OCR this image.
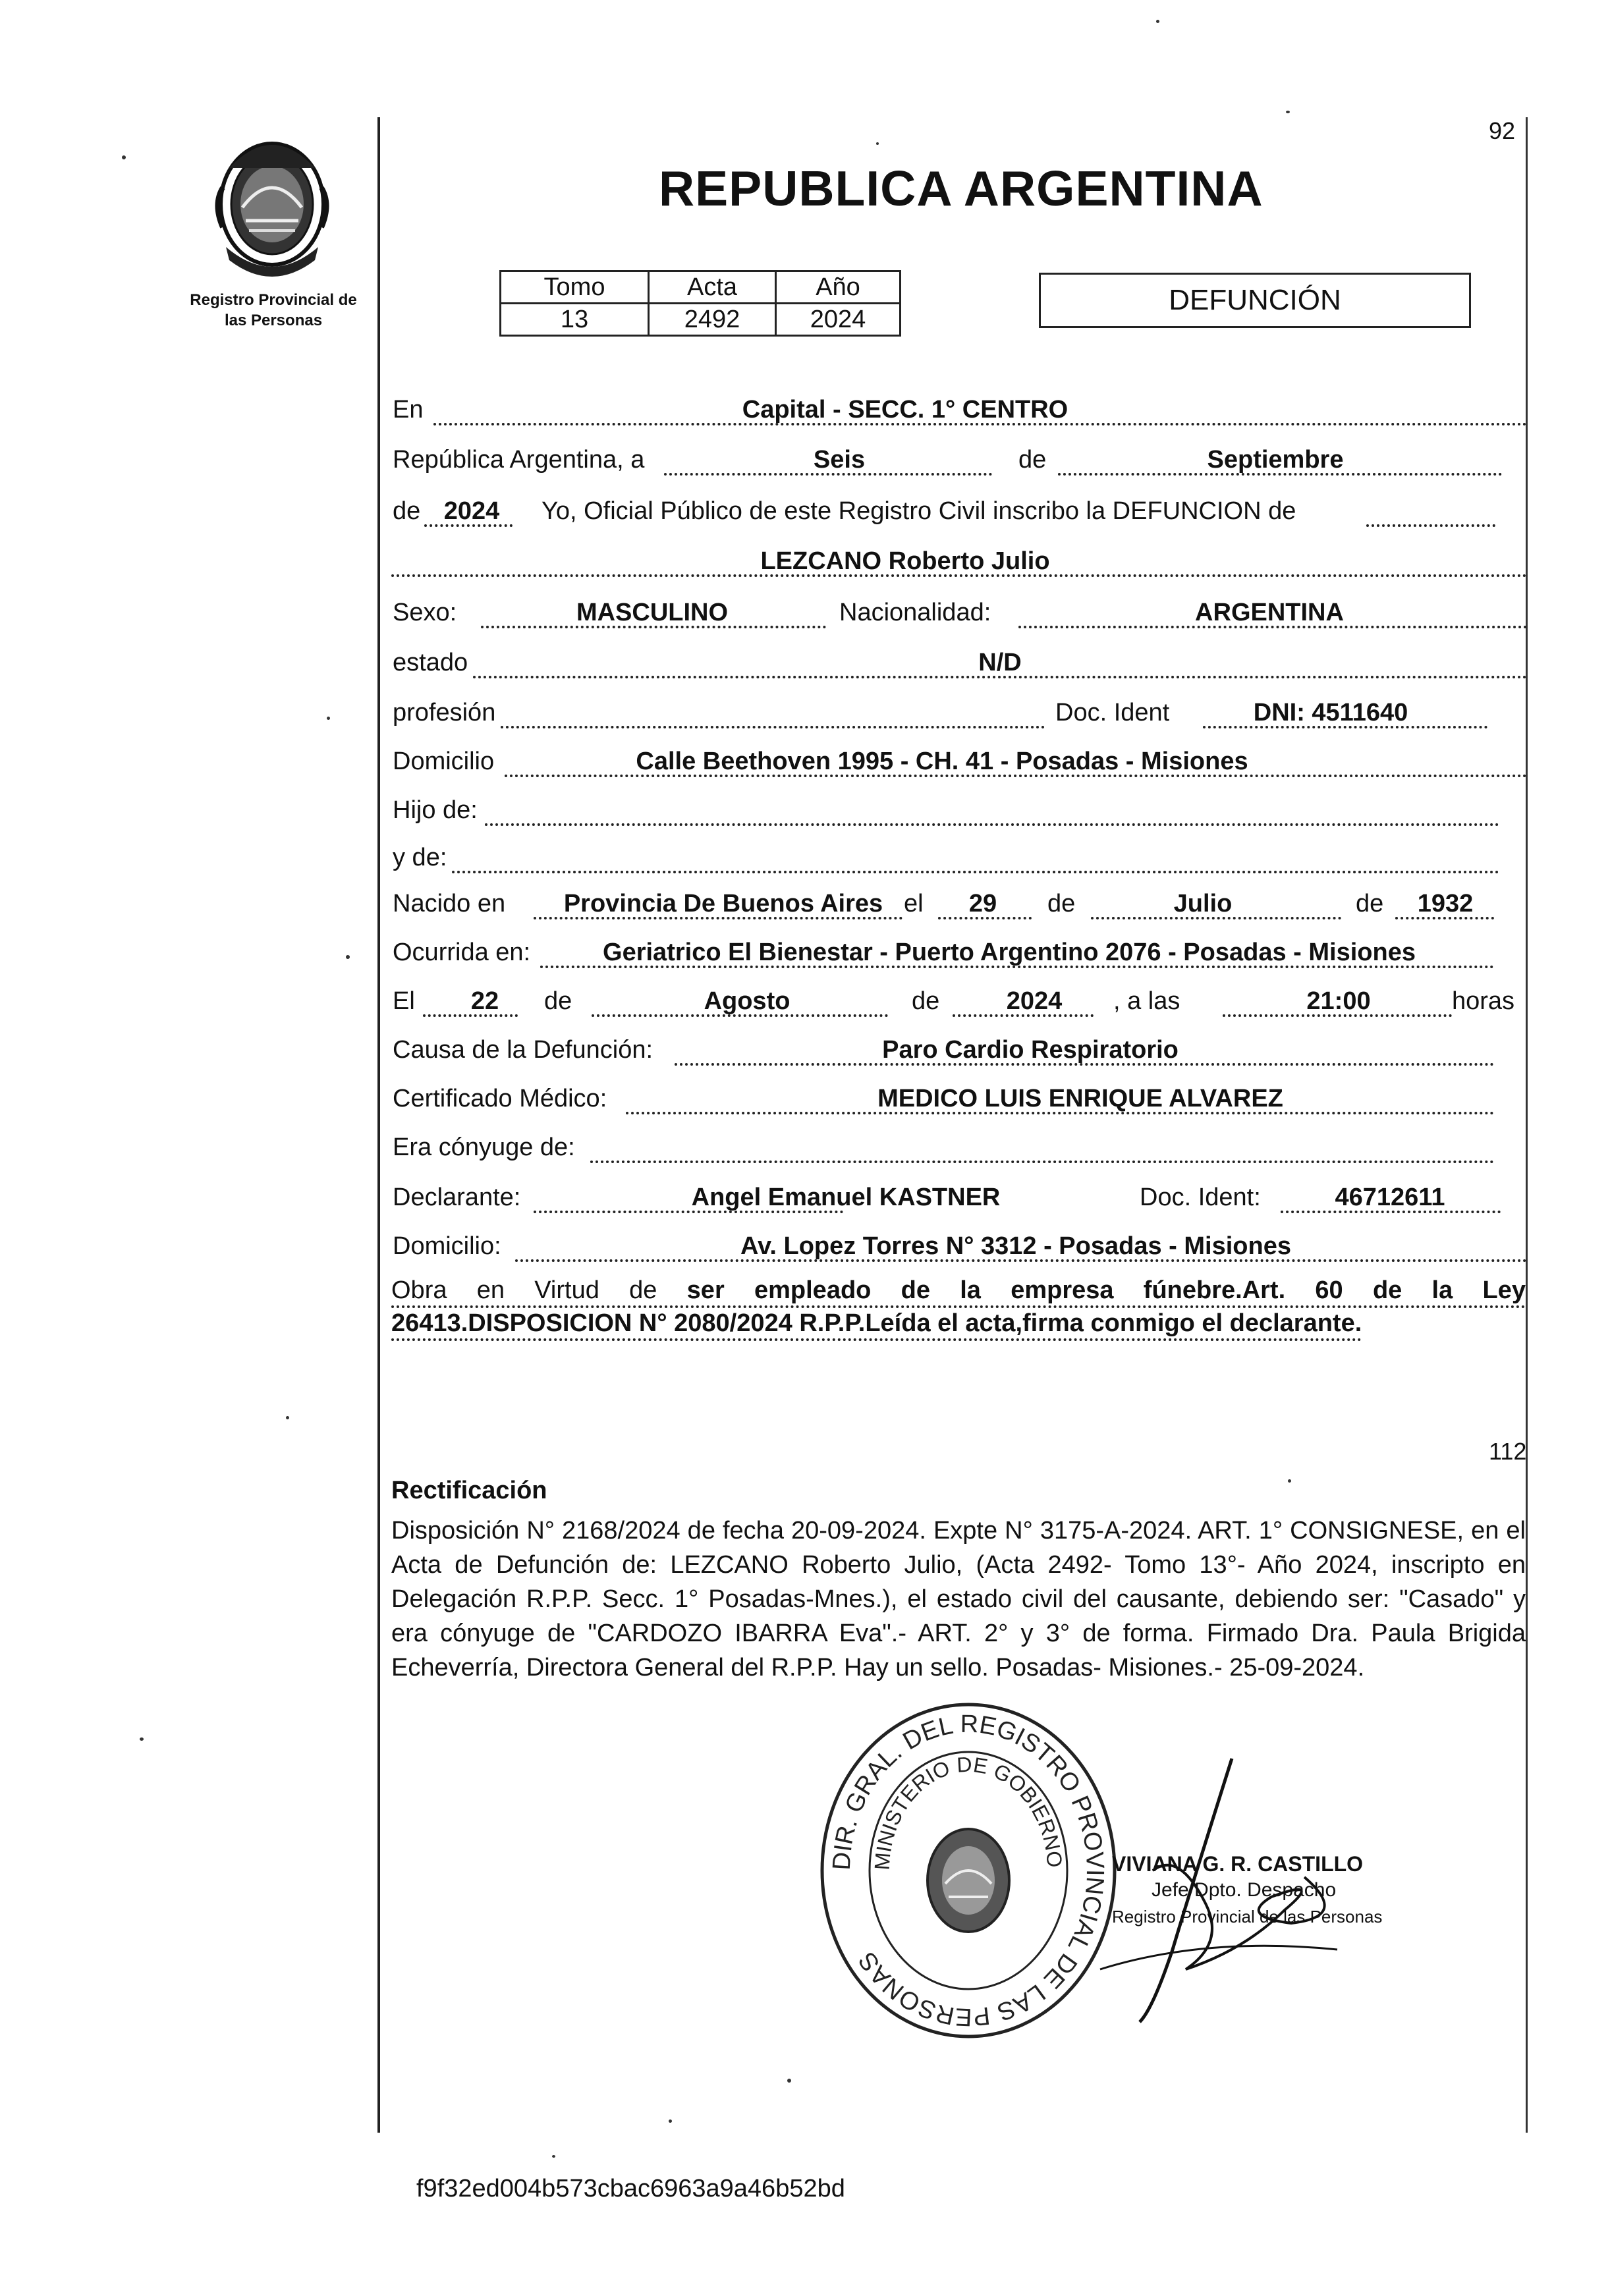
Registro Provincial de
las Personas
92
REPUBLICA ARGENTINA
Tomo	Acta	Año
13	2492	2024
DEFUNCIÓN
En	Capital - SECC. 1° CENTRO
República Argentina, a	Seis	de	Septiembre
de 2024 Yo, Oficial Público de este Registro Civil inscribo la DEFUNCION de
LEZCANO Roberto Julio
Sexo:	MASCULINO	Nacionalidad:	ARGENTINA
estado	N/D
profesión	Doc. Ident	DNI: 4511640
Domicilio	Calle Beethoven 1995 - CH. 41 - Posadas - Misiones
Hijo de:
y de:
Nacido en Provincia De Buenos Aires el 29 de	Julio	de 1932
Ocurrida en:	Geriatrico El Bienestar - Puerto Argentino 2076 - Posadas - Misiones
El 22 de	Agosto	de	2024 , a las	21:00	horas
Causa de la Defunción:	Paro Cardio Respiratorio
Certificado Médico:	MEDICO LUIS ENRIQUE ALVAREZ
Era cónyuge de:
Declarante:	Angel Emanuel KASTNER	Doc. Ident:	46712611
Domicilio:	Av. Lopez Torres N° 3312 - Posadas - Misiones
Obra en Virtud de ser empleado de la empresa fúnebre.Art. 60 de la Ley
26413.DISPOSICION N° 2080/2024 R.P.P.Leída el acta,firma conmigo el declarante.
112
Rectificación
Disposición N° 2168/2024 de fecha 20-09-2024. Expte N° 3175-A-2024. ART. 1° CONSIGNESE, en el Acta de Defunción de: LEZCANO Roberto Julio, (Acta 2492- Tomo 13°- Año 2024, inscripto en Delegación R.P.P. Secc. 1° Posadas-Mnes.), el estado civil del causante, debiendo ser: "Casado" y era cónyuge de "CARDOZO IBARRA Eva".- ART. 2° y 3° de forma. Firmado Dra. Paula Brigida Echeverría, Directora General del R.P.P. Hay un sello. Posadas- Misiones.- 25-09-2024.
DIR. GRAL. DEL REGISTRO PROVINCIAL DE LAS PERSONAS
MINISTERIO DE GOBIERNO VIVIANA G. R. CASTILLO
Jefe Dpto. Despacho
Registro Provincial de las Personas
f9f32ed004b573cbac6963a9a46b52bd
